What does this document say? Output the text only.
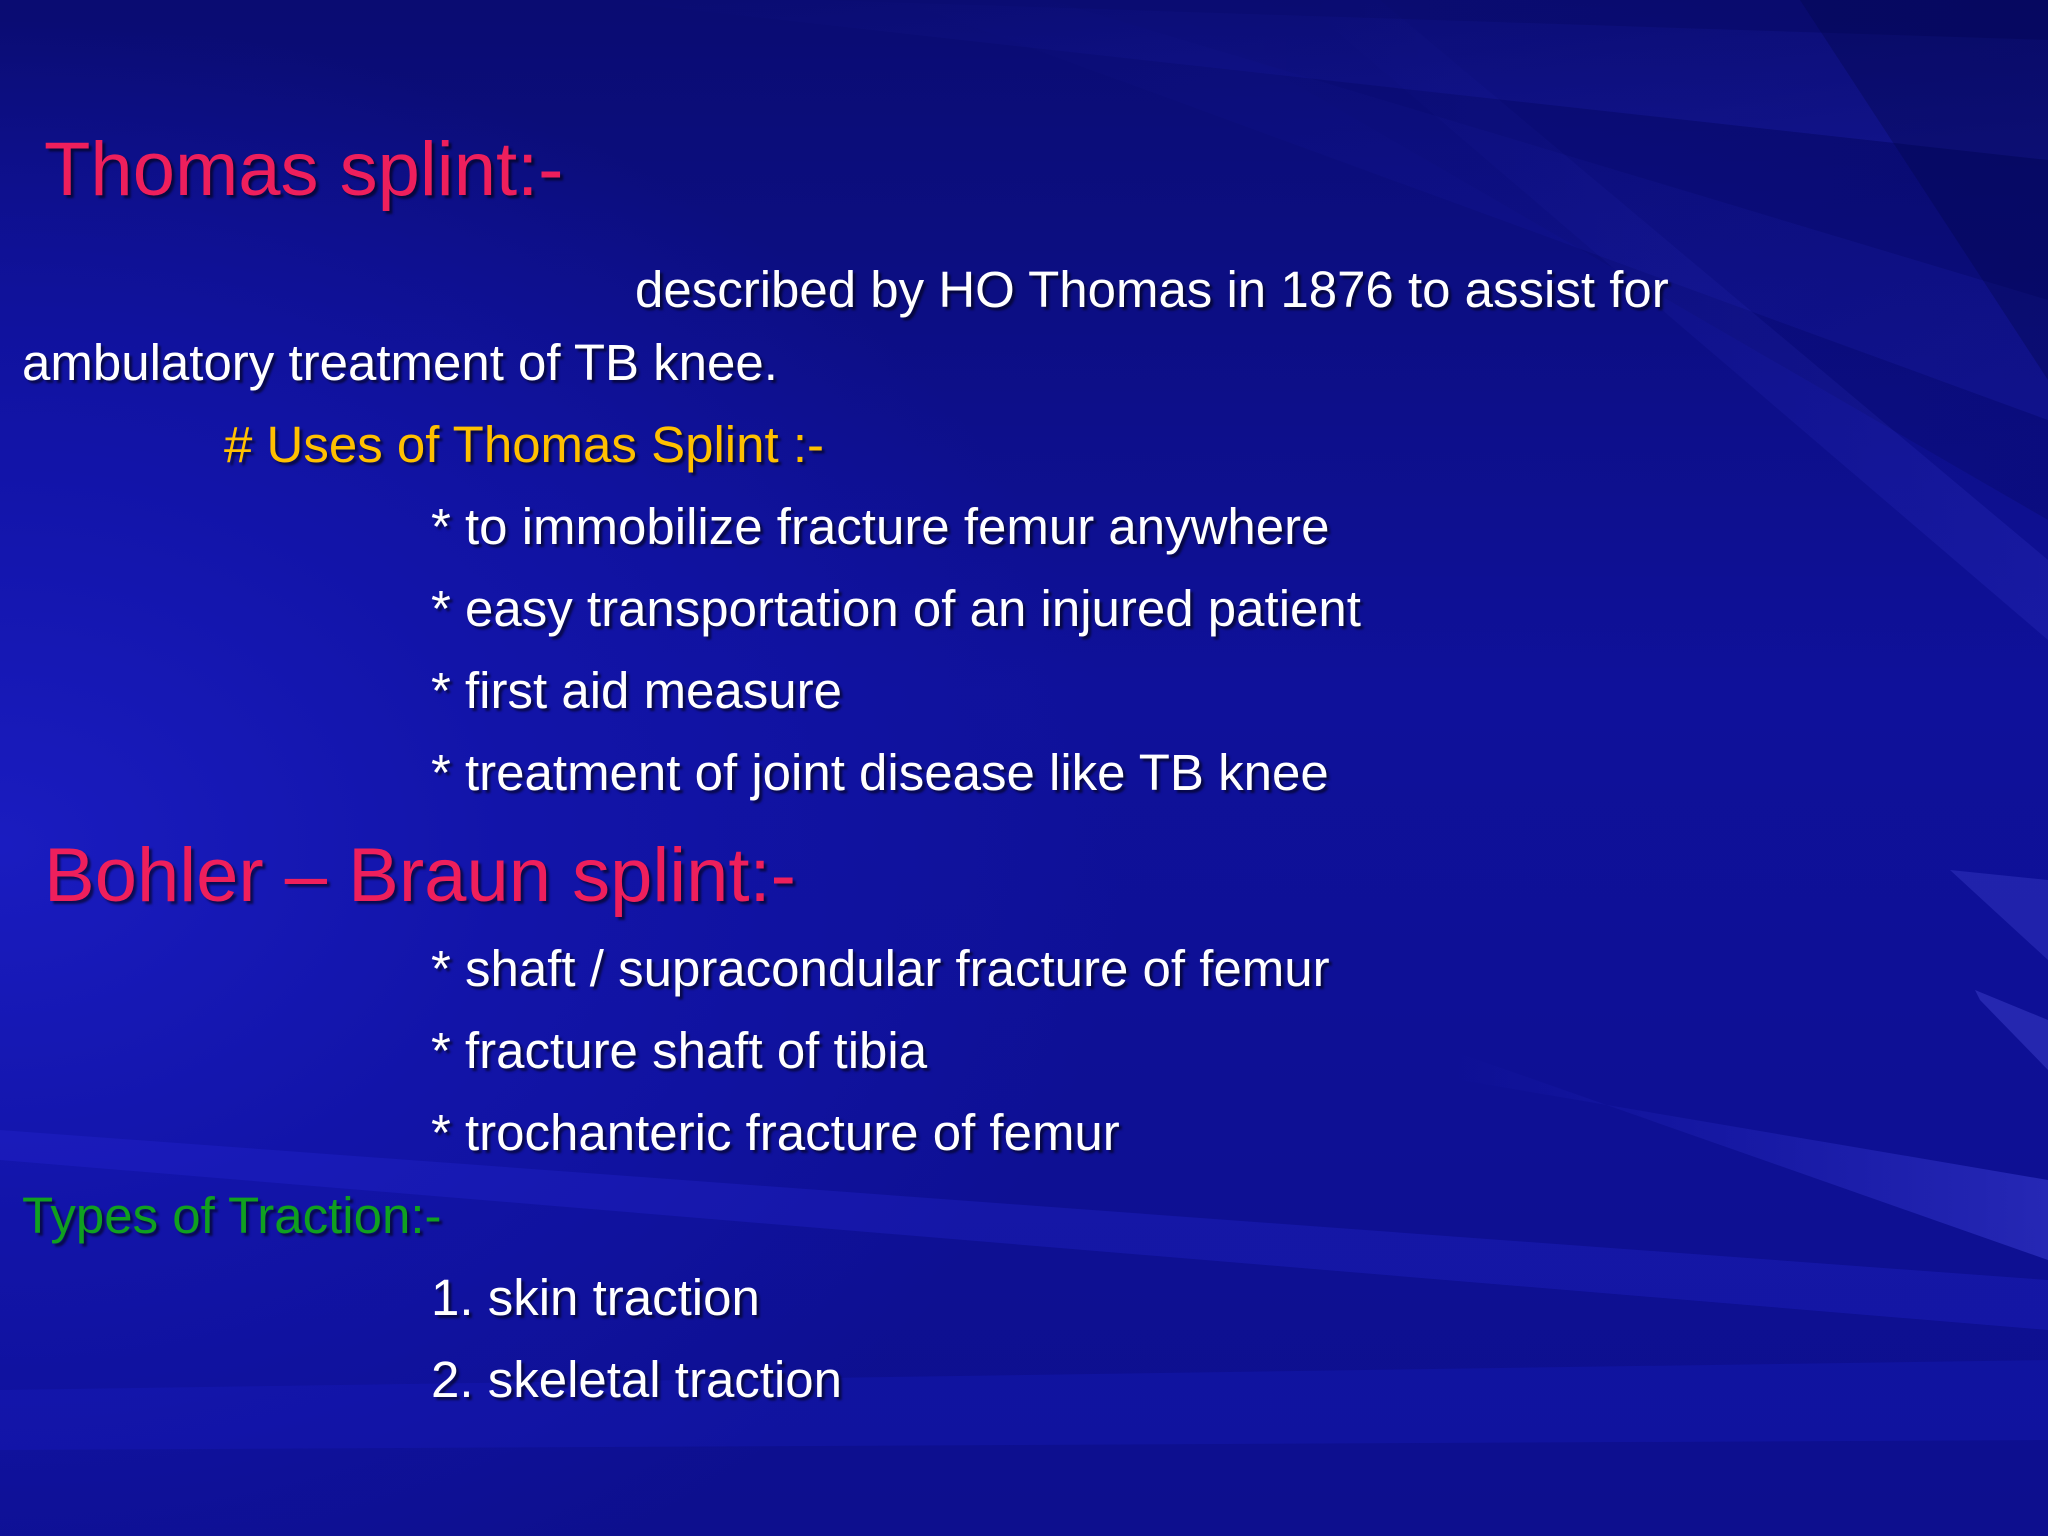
Thomas splint:-

described by HO Thomas in 1876 to assist for

ambulatory treatment of TB knee.

# Uses of Thomas Splint :-

* to immobilize fracture femur anywhere

* easy transportation of an injured patient

* first aid measure

* treatment of joint disease like TB knee

Bohler – Braun splint:-

* shaft / supracondular fracture of femur

* fracture shaft of tibia

* trochanteric fracture of femur

Types of Traction:-

1. skin traction

2. skeletal traction
